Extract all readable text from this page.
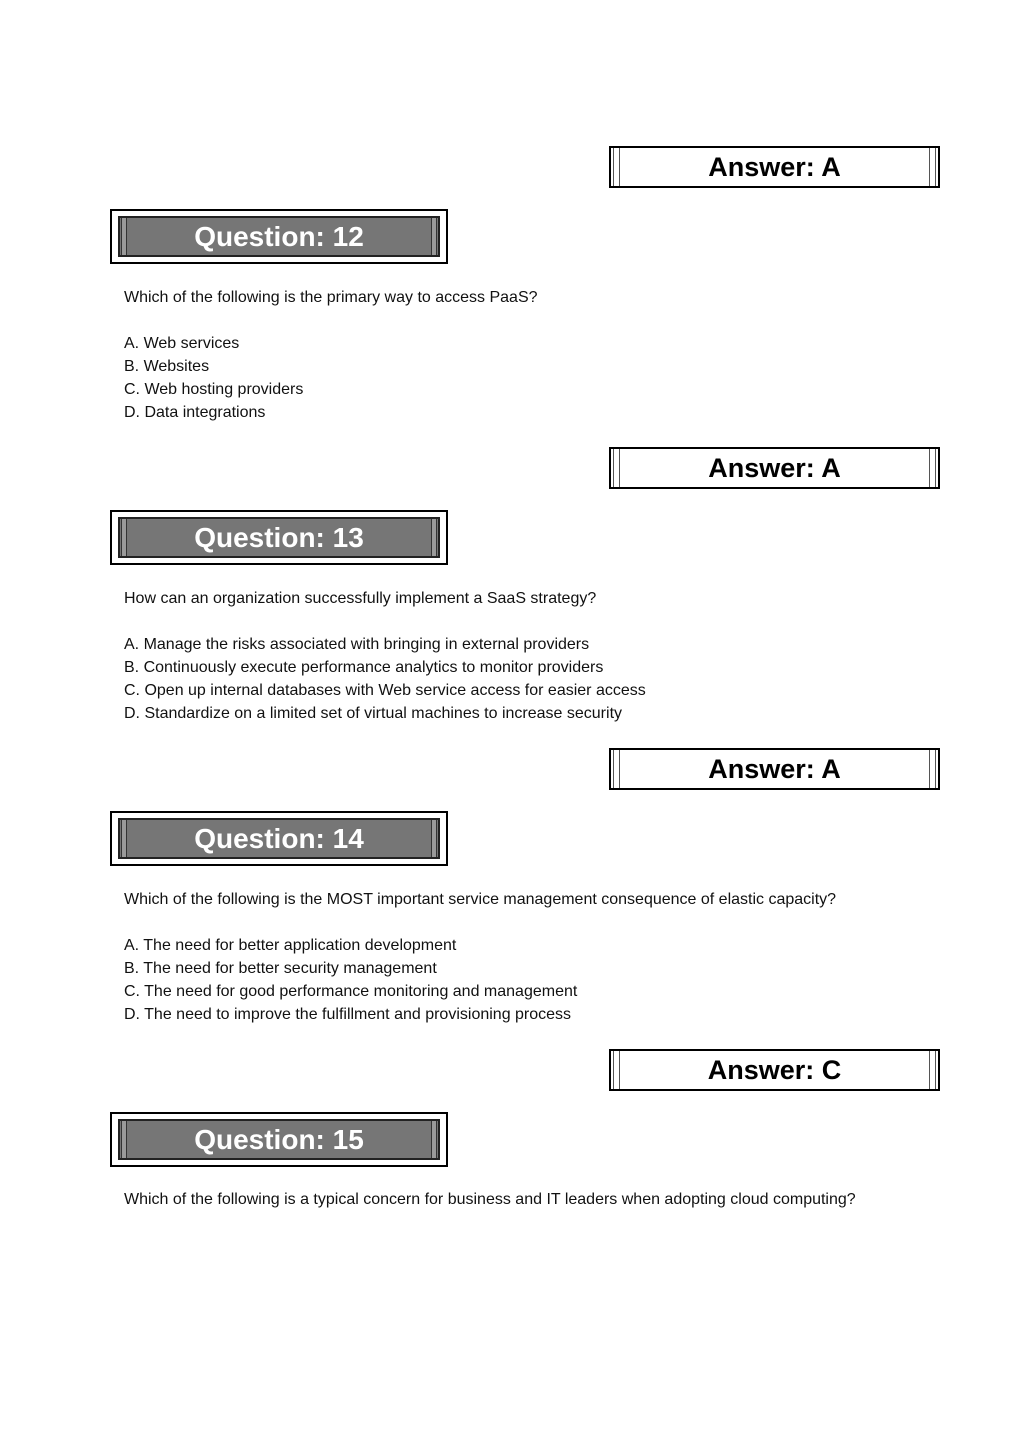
Answer: A
Question: 12
Which of the following is the primary way to access PaaS?
A. Web services
B. Websites
C. Web hosting providers
D. Data integrations
Answer: A
Question: 13
How can an organization successfully implement a SaaS strategy?
A. Manage the risks associated with bringing in external providers
B. Continuously execute performance analytics to monitor providers
C. Open up internal databases with Web service access for easier access
D. Standardize on a limited set of virtual machines to increase security
Answer: A
Question: 14
Which of the following is the MOST important service management consequence of elastic capacity?
A. The need for better application development
B. The need for better security management
C. The need for good performance monitoring and management
D. The need to improve the fulfillment and provisioning process
Answer: C
Question: 15
Which of the following is a typical concern for business and IT leaders when adopting cloud computing?
